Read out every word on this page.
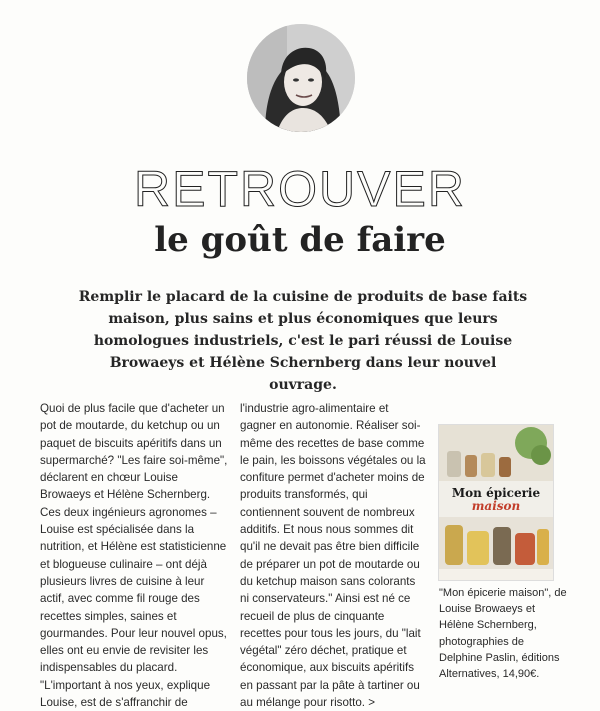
RETROUVER
le goût de faire
Remplir le placard de la cuisine de produits de base faits maison, plus sains et plus économiques que leurs homologues industriels, c'est le pari réussi de Louise Browaeys et Hélène Schernberg dans leur nouvel ouvrage.

Quoi de plus facile que d'acheter un pot de moutarde, du ketchup ou un paquet de biscuits apéritifs dans un supermarché? "Les faire soi-même", déclarent en chœur Louise Browaeys et Hélène Schernberg. Ces deux ingénieurs agronomes – Louise est spécialisée dans la nutrition, et Hélène est statisticienne et blogueuse culinaire – ont déjà plusieurs livres de cuisine à leur actif, avec comme fil rouge des recettes simples, saines et gourmandes. Pour leur nouvel opus, elles ont eu envie de revisiter les indispensables du placard. "L'important à nos yeux, explique Louise, est de s'affranchir de

l'industrie agro-alimentaire et gagner en autonomie. Réaliser soi-même des recettes de base comme le pain, les boissons végétales ou la confiture permet d'acheter moins de produits transformés, qui contiennent souvent de nombreux additifs. Et nous nous sommes dit qu'il ne devait pas être bien difficile de préparer un pot de moutarde ou du ketchup maison sans colorants ni conservateurs." Ainsi est né ce recueil de plus de cinquante recettes pour tous les jours, du "lait végétal" zéro déchet, pratique et économique, aux biscuits apéritifs en passant par la pâte à tartiner ou au mélange pour risotto. >

Mon épicerie
maison

"Mon épicerie maison", de Louise Browaeys et Hélène Schernberg, photographies de Delphine Paslin, éditions Alternatives, 14,90€.
